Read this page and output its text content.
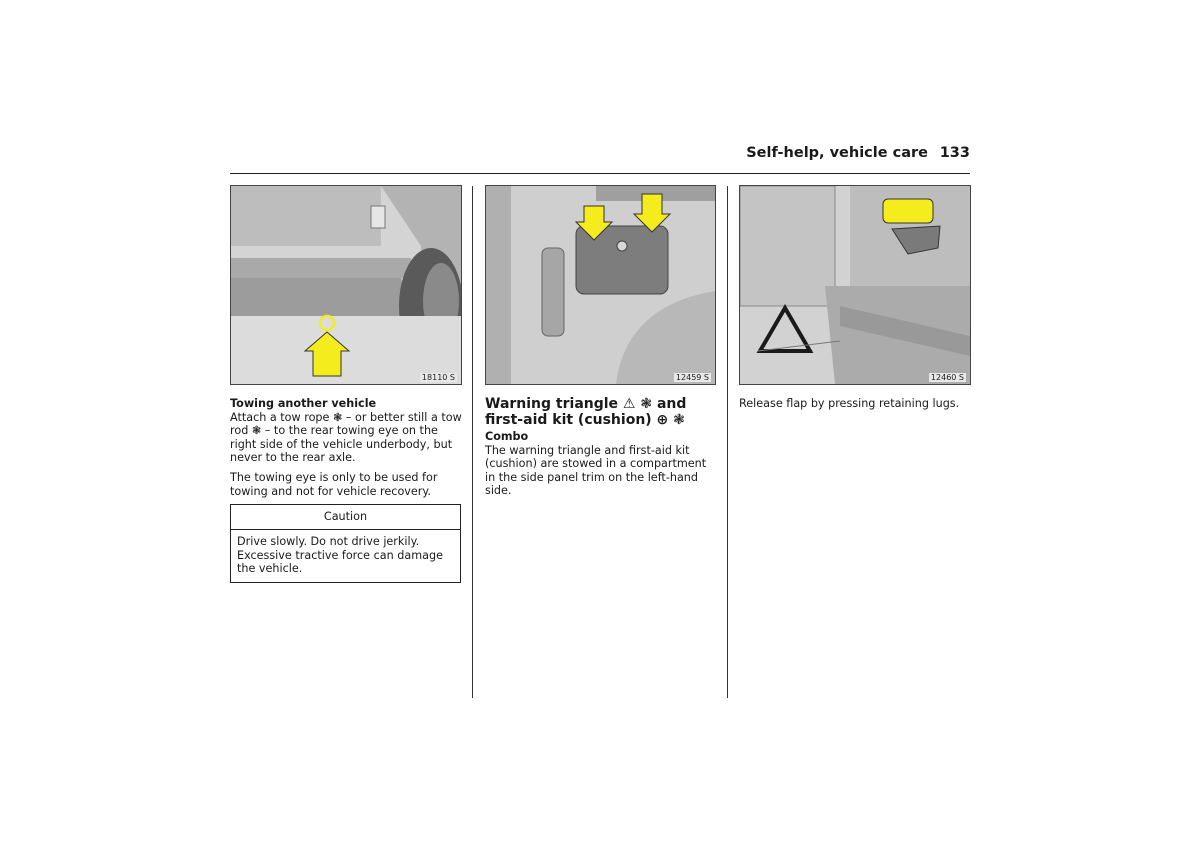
Self-help, vehicle care 133
18110 S	12459 S	12460 S
Towing another vehicle

Attach a tow rope ❃ – or better still a tow rod ❃ – to the rear towing eye on the right side of the vehicle underbody, but never to the rear axle.

The towing eye is only to be used for towing and not for vehicle recovery.

Caution
Drive slowly. Do not drive jerkily. Excessive tractive force can damage the vehicle.
Warning triangle ⚠ ❃ and first-aid kit (cushion) ⊕ ❃
Combo

The warning triangle and first-aid kit (cushion) are stowed in a compartment in the side panel trim on the left-hand side.

Release flap by pressing retaining lugs.
